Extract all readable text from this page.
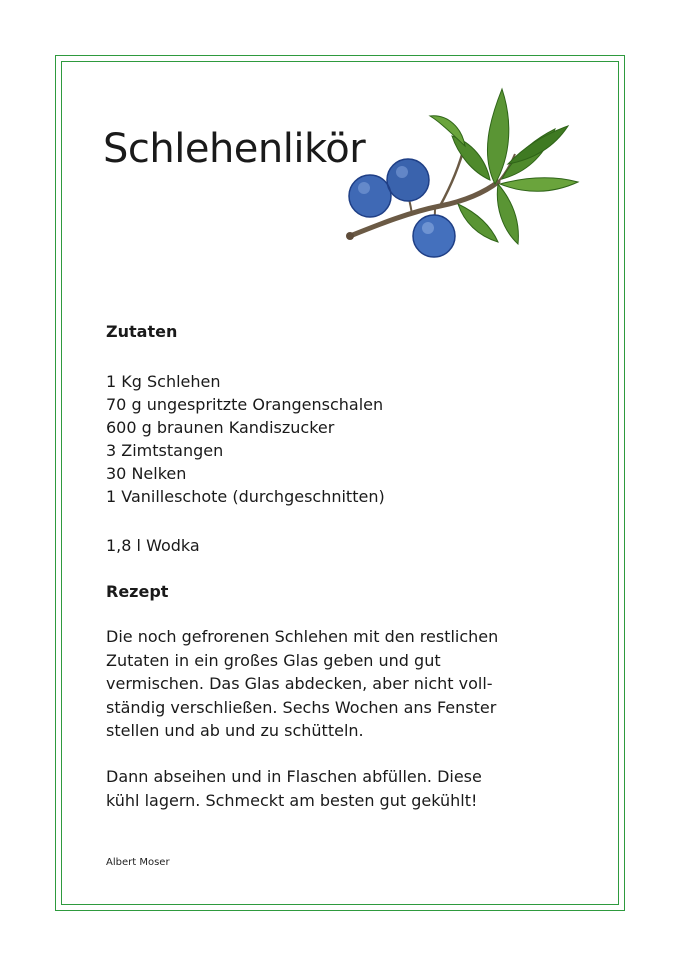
Schlehenlikör
Zutaten
1 Kg Schlehen
70 g ungespritzte Orangenschalen
600 g braunen Kandiszucker
3 Zimtstangen
30 Nelken
1 Vanilleschote (durchgeschnitten)

1,8 l Wodka

Rezept

Die noch gefrorenen Schlehen mit den restlichen
Zutaten in ein großes Glas geben und gut
vermischen. Das Glas abdecken, aber nicht voll-
ständig verschließen. Sechs Wochen ans Fenster
stellen und ab und zu schütteln.

Dann abseihen und in Flaschen abfüllen. Diese
kühl lagern. Schmeckt am besten gut gekühlt!

Albert Moser
